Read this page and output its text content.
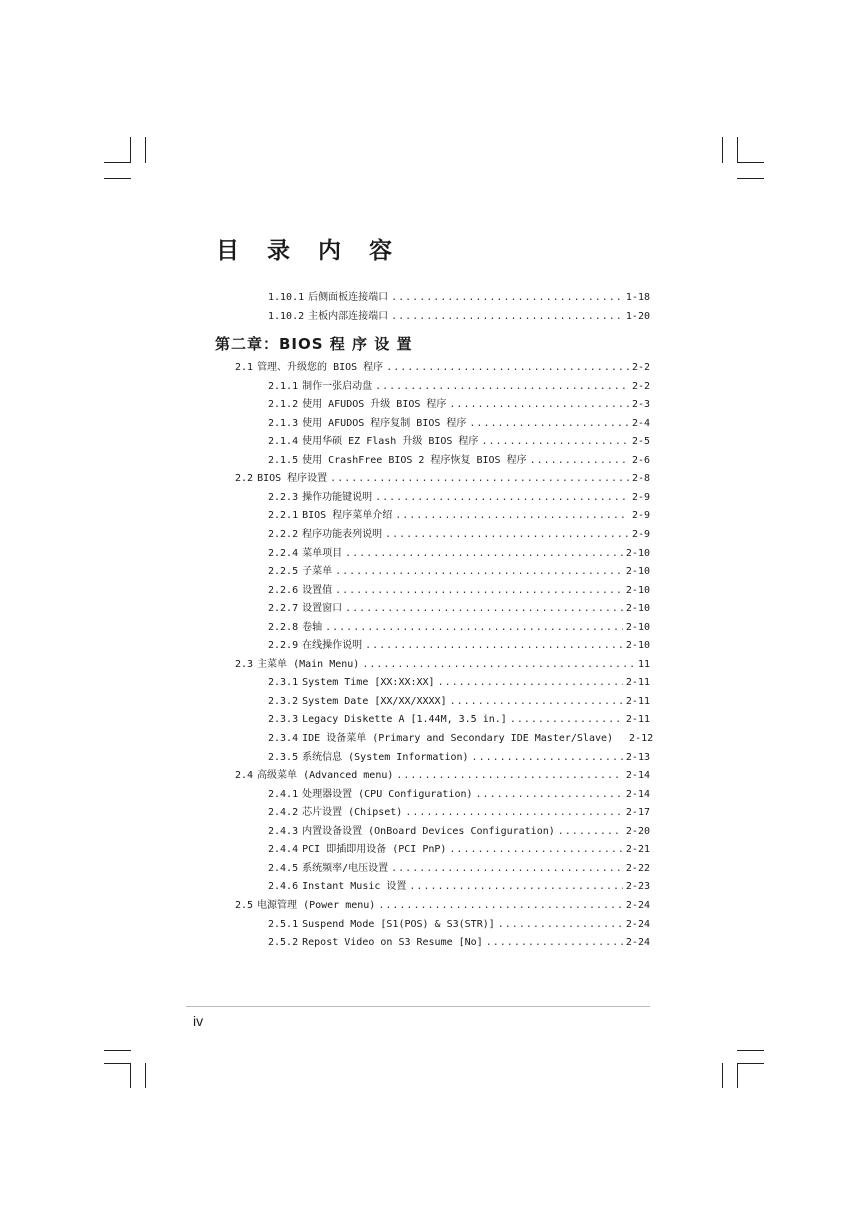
目 录 内 容
第二章：BIOS 程 序 设 置
1.10.1 后侧面板连接端口 .....	1-18
1.10.2 主板内部连接端口 .....	1-20
2.1 管理、升级您的 BIOS 程序 .....	2-2
2.1.1 制作一张启动盘 .....	2-2
2.1.2 使用 AFUDOS 升级 BIOS 程序 .....	2-3
2.1.3 使用 AFUDOS 程序复制 BIOS 程序 .....	2-4
2.1.4 使用华硕 EZ Flash 升级 BIOS 程序 .....	2-5
2.1.5 使用 CrashFree BIOS 2 程序恢复 BIOS 程序 .....	2-6
2.2 BIOS 程序设置 .....	2-8
2.2.3 操作功能键说明 .....	2-9
2.2.1 BIOS 程序菜单介绍 .....	2-9
2.2.2 程序功能表列说明 .....	2-9
2.2.4 菜单项目 .....	2-10
2.2.5 子菜单 .....	2-10
2.2.6 设置值 .....	2-10
2.2.7 设置窗口 .....	2-10
2.2.8 卷轴 .....	2-10
2.2.9 在线操作说明 .....	2-10
2.3 主菜单 (Main Menu) .....	11
2.3.1 System Time [XX:XX:XX] .....	2-11
2.3.2 System Date [XX/XX/XXXX] .....	2-11
2.3.3 Legacy Diskette A [1.44M, 3.5 in.] .....	2-11
2.3.4 IDE 设备菜单 (Primary and Secondary IDE Master/Slave) 2-12
2.3.5 系统信息 (System Information) .....	2-13
2.4 高级菜单 (Advanced menu) .....	2-14
2.4.1 处理器设置 (CPU Configuration) .....	2-14
2.4.2 芯片设置 (Chipset) .....	2-17
2.4.3 内置设备设置 (OnBoard Devices Configuration) .....	2-20
2.4.4 PCI 即插即用设备 (PCI PnP) .....	2-21
2.4.5 系统频率/电压设置 .....	2-22
2.4.6 Instant Music 设置 .....	2-23
2.5 电源管理 (Power menu) .....	2-24
2.5.1 Suspend Mode [S1(POS) & S3(STR)] .....	2-24
2.5.2 Repost Video on S3 Resume [No] .....	2-24
iv
